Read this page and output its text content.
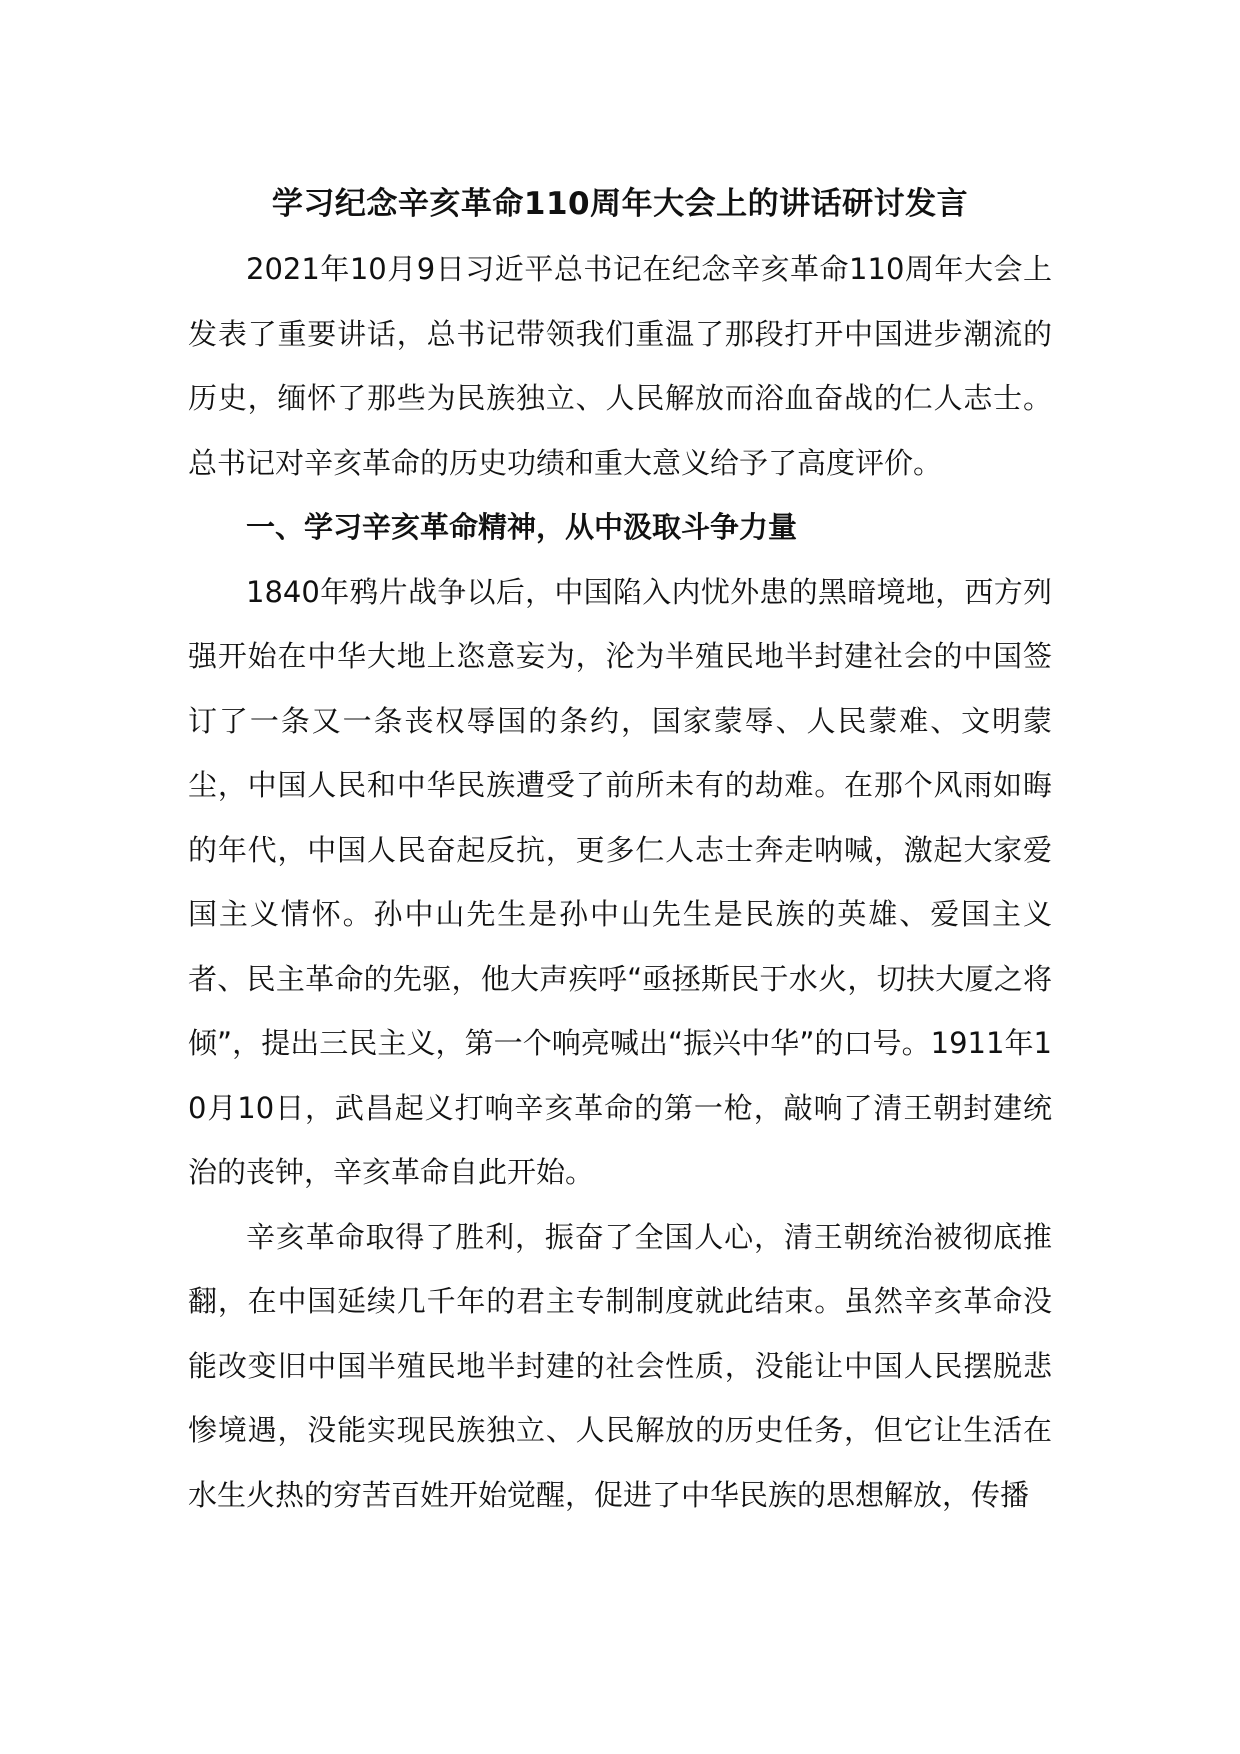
学习纪念辛亥革命110周年大会上的讲话研讨发言

2021年10月9日习近平总书记在纪念辛亥革命110周年大会上发表了重要讲话，总书记带领我们重温了那段打开中国进步潮流的历史，缅怀了那些为民族独立、人民解放而浴血奋战的仁人志士。总书记对辛亥革命的历史功绩和重大意义给予了高度评价。

一、学习辛亥革命精神，从中汲取斗争力量

1840年鸦片战争以后，中国陷入内忧外患的黑暗境地，西方列强开始在中华大地上恣意妄为，沦为半殖民地半封建社会的中国签订了一条又一条丧权辱国的条约，国家蒙辱、人民蒙难、文明蒙尘，中国人民和中华民族遭受了前所未有的劫难。在那个风雨如晦的年代，中国人民奋起反抗，更多仁人志士奔走呐喊，激起大家爱国主义情怀。孙中山先生是孙中山先生是民族的英雄、爱国主义者、民主革命的先驱，他大声疾呼“亟拯斯民于水火，切扶大厦之将倾”，提出三民主义，第一个响亮喊出“振兴中华”的口号。1911年10月10日，武昌起义打响辛亥革命的第一枪，敲响了清王朝封建统治的丧钟，辛亥革命自此开始。

辛亥革命取得了胜利，振奋了全国人心，清王朝统治被彻底推翻，在中国延续几千年的君主专制制度就此结束。虽然辛亥革命没能改变旧中国半殖民地半封建的社会性质，没能让中国人民摆脱悲惨境遇，没能实现民族独立、人民解放的历史任务，但它让生活在水生火热的穷苦百姓开始觉醒，促进了中华民族的思想解放，传播
